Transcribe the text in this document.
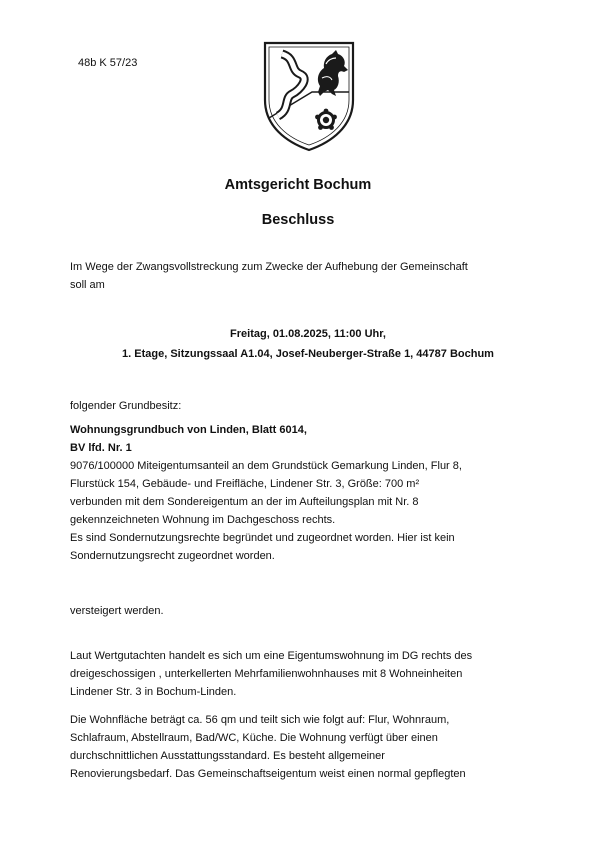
48b K 57/23
Amtsgericht Bochum
Beschluss
Im Wege der Zwangsvollstreckung zum Zwecke der Aufhebung der Gemeinschaft
soll am
Freitag, 01.08.2025, 11:00 Uhr,
1. Etage, Sitzungssaal A1.04, Josef-Neuberger-Straße 1, 44787 Bochum
folgender Grundbesitz:
Wohnungsgrundbuch von Linden, Blatt 6014,
BV lfd. Nr. 1
9076/100000 Miteigentumsanteil an dem Grundstück Gemarkung Linden, Flur 8,
Flurstück 154, Gebäude- und Freifläche, Lindener Str. 3, Größe: 700 m²
verbunden mit dem Sondereigentum an der im Aufteilungsplan mit Nr. 8
gekennzeichneten Wohnung im Dachgeschoss rechts.
Es sind Sondernutzungsrechte begründet und zugeordnet worden. Hier ist kein
Sondernutzungsrecht zugeordnet worden.
versteigert werden.
Laut Wertgutachten handelt es sich um eine Eigentumswohnung im DG rechts des
dreigeschossigen , unterkellerten Mehrfamilienwohnhauses mit 8 Wohneinheiten
Lindener Str. 3 in Bochum-Linden.
Die Wohnfläche beträgt ca. 56 qm und teilt sich wie folgt auf: Flur, Wohnraum,
Schlafraum, Abstellraum, Bad/WC, Küche. Die Wohnung verfügt über einen
durchschnittlichen Ausstattungsstandard. Es besteht allgemeiner
Renovierungsbedarf. Das Gemeinschaftseigentum weist einen normal gepflegten
